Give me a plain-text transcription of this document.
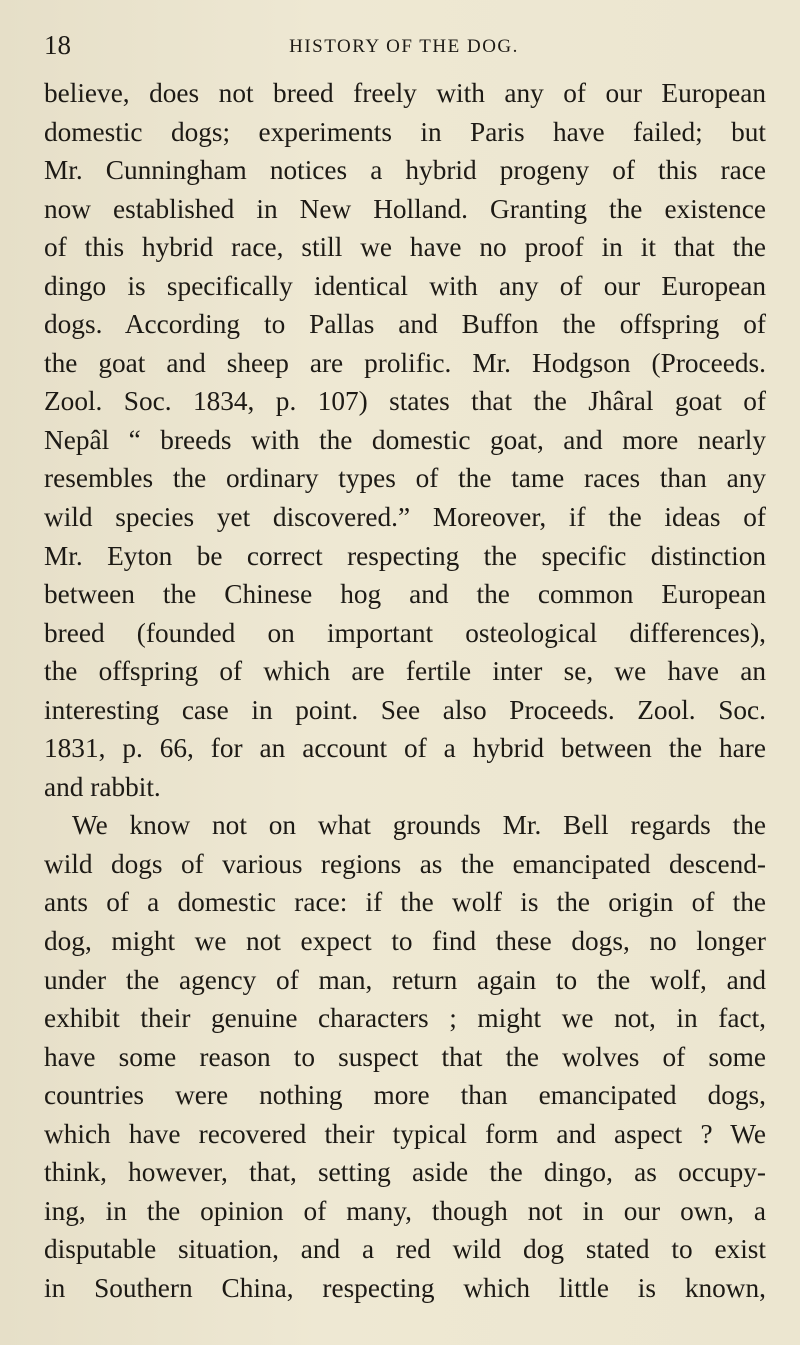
18	HISTORY OF THE DOG.
believe, does not breed freely with any of our European
domestic dogs; experiments in Paris have failed; but
Mr. Cunningham notices a hybrid progeny of this race
now established in New Holland. Granting the existence
of this hybrid race, still we have no proof in it that the
dingo is specifically identical with any of our European
dogs. According to Pallas and Buffon the offspring of
the goat and sheep are prolific. Mr. Hodgson (Proceeds.
Zool. Soc. 1834, p. 107) states that the Jhâral goat of
Nepâl “ breeds with the domestic goat, and more nearly
resembles the ordinary types of the tame races than any
wild species yet discovered.” Moreover, if the ideas of
Mr. Eyton be correct respecting the specific distinction
between the Chinese hog and the common European
breed (founded on important osteological differences),
the offspring of which are fertile inter se, we have an
interesting case in point. See also Proceeds. Zool. Soc.
1831, p. 66, for an account of a hybrid between the hare
and rabbit.
We know not on what grounds Mr. Bell regards the
wild dogs of various regions as the emancipated descend-
ants of a domestic race: if the wolf is the origin of the
dog, might we not expect to find these dogs, no longer
under the agency of man, return again to the wolf, and
exhibit their genuine characters ; might we not, in fact,
have some reason to suspect that the wolves of some
countries were nothing more than emancipated dogs,
which have recovered their typical form and aspect ? We
think, however, that, setting aside the dingo, as occupy-
ing, in the opinion of many, though not in our own, a
disputable situation, and a red wild dog stated to exist
in Southern China, respecting which little is known,
